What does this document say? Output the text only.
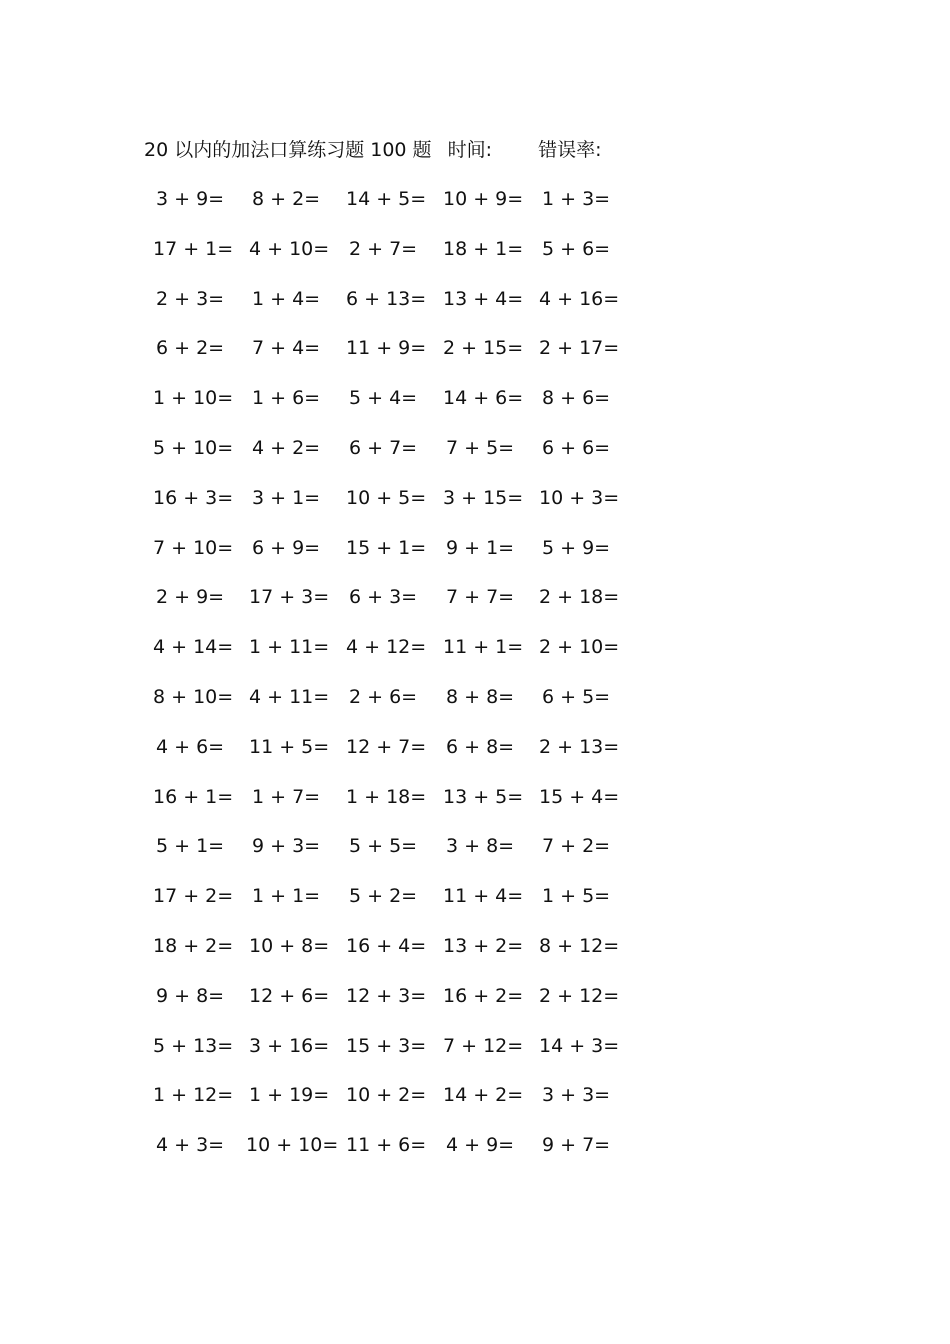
20 以内的加法口算练习题 100 题 时间: 错误率:
3 + 9= 8 + 2= 14 + 5= 10 + 9= 1 + 3=
17 + 1= 4 + 10= 2 + 7= 18 + 1= 5 + 6=
2 + 3= 1 + 4= 6 + 13= 13 + 4= 4 + 16=
6 + 2= 7 + 4= 11 + 9= 2 + 15= 2 + 17=
1 + 10= 1 + 6= 5 + 4= 14 + 6= 8 + 6=
5 + 10= 4 + 2= 6 + 7= 7 + 5= 6 + 6=
16 + 3= 3 + 1= 10 + 5= 3 + 15= 10 + 3=
7 + 10= 6 + 9= 15 + 1= 9 + 1= 5 + 9=
2 + 9= 17 + 3= 6 + 3= 7 + 7= 2 + 18=
4 + 14= 1 + 11= 4 + 12= 11 + 1= 2 + 10=
8 + 10= 4 + 11= 2 + 6= 8 + 8= 6 + 5=
4 + 6= 11 + 5= 12 + 7= 6 + 8= 2 + 13=
16 + 1= 1 + 7= 1 + 18= 13 + 5= 15 + 4=
5 + 1= 9 + 3= 5 + 5= 3 + 8= 7 + 2=
17 + 2= 1 + 1= 5 + 2= 11 + 4= 1 + 5=
18 + 2= 10 + 8= 16 + 4= 13 + 2= 8 + 12=
9 + 8= 12 + 6= 12 + 3= 16 + 2= 2 + 12=
5 + 13= 3 + 16= 15 + 3= 7 + 12= 14 + 3=
1 + 12= 1 + 19= 10 + 2= 14 + 2= 3 + 3=
4 + 3= 10 + 10= 11 + 6= 4 + 9= 9 + 7=
